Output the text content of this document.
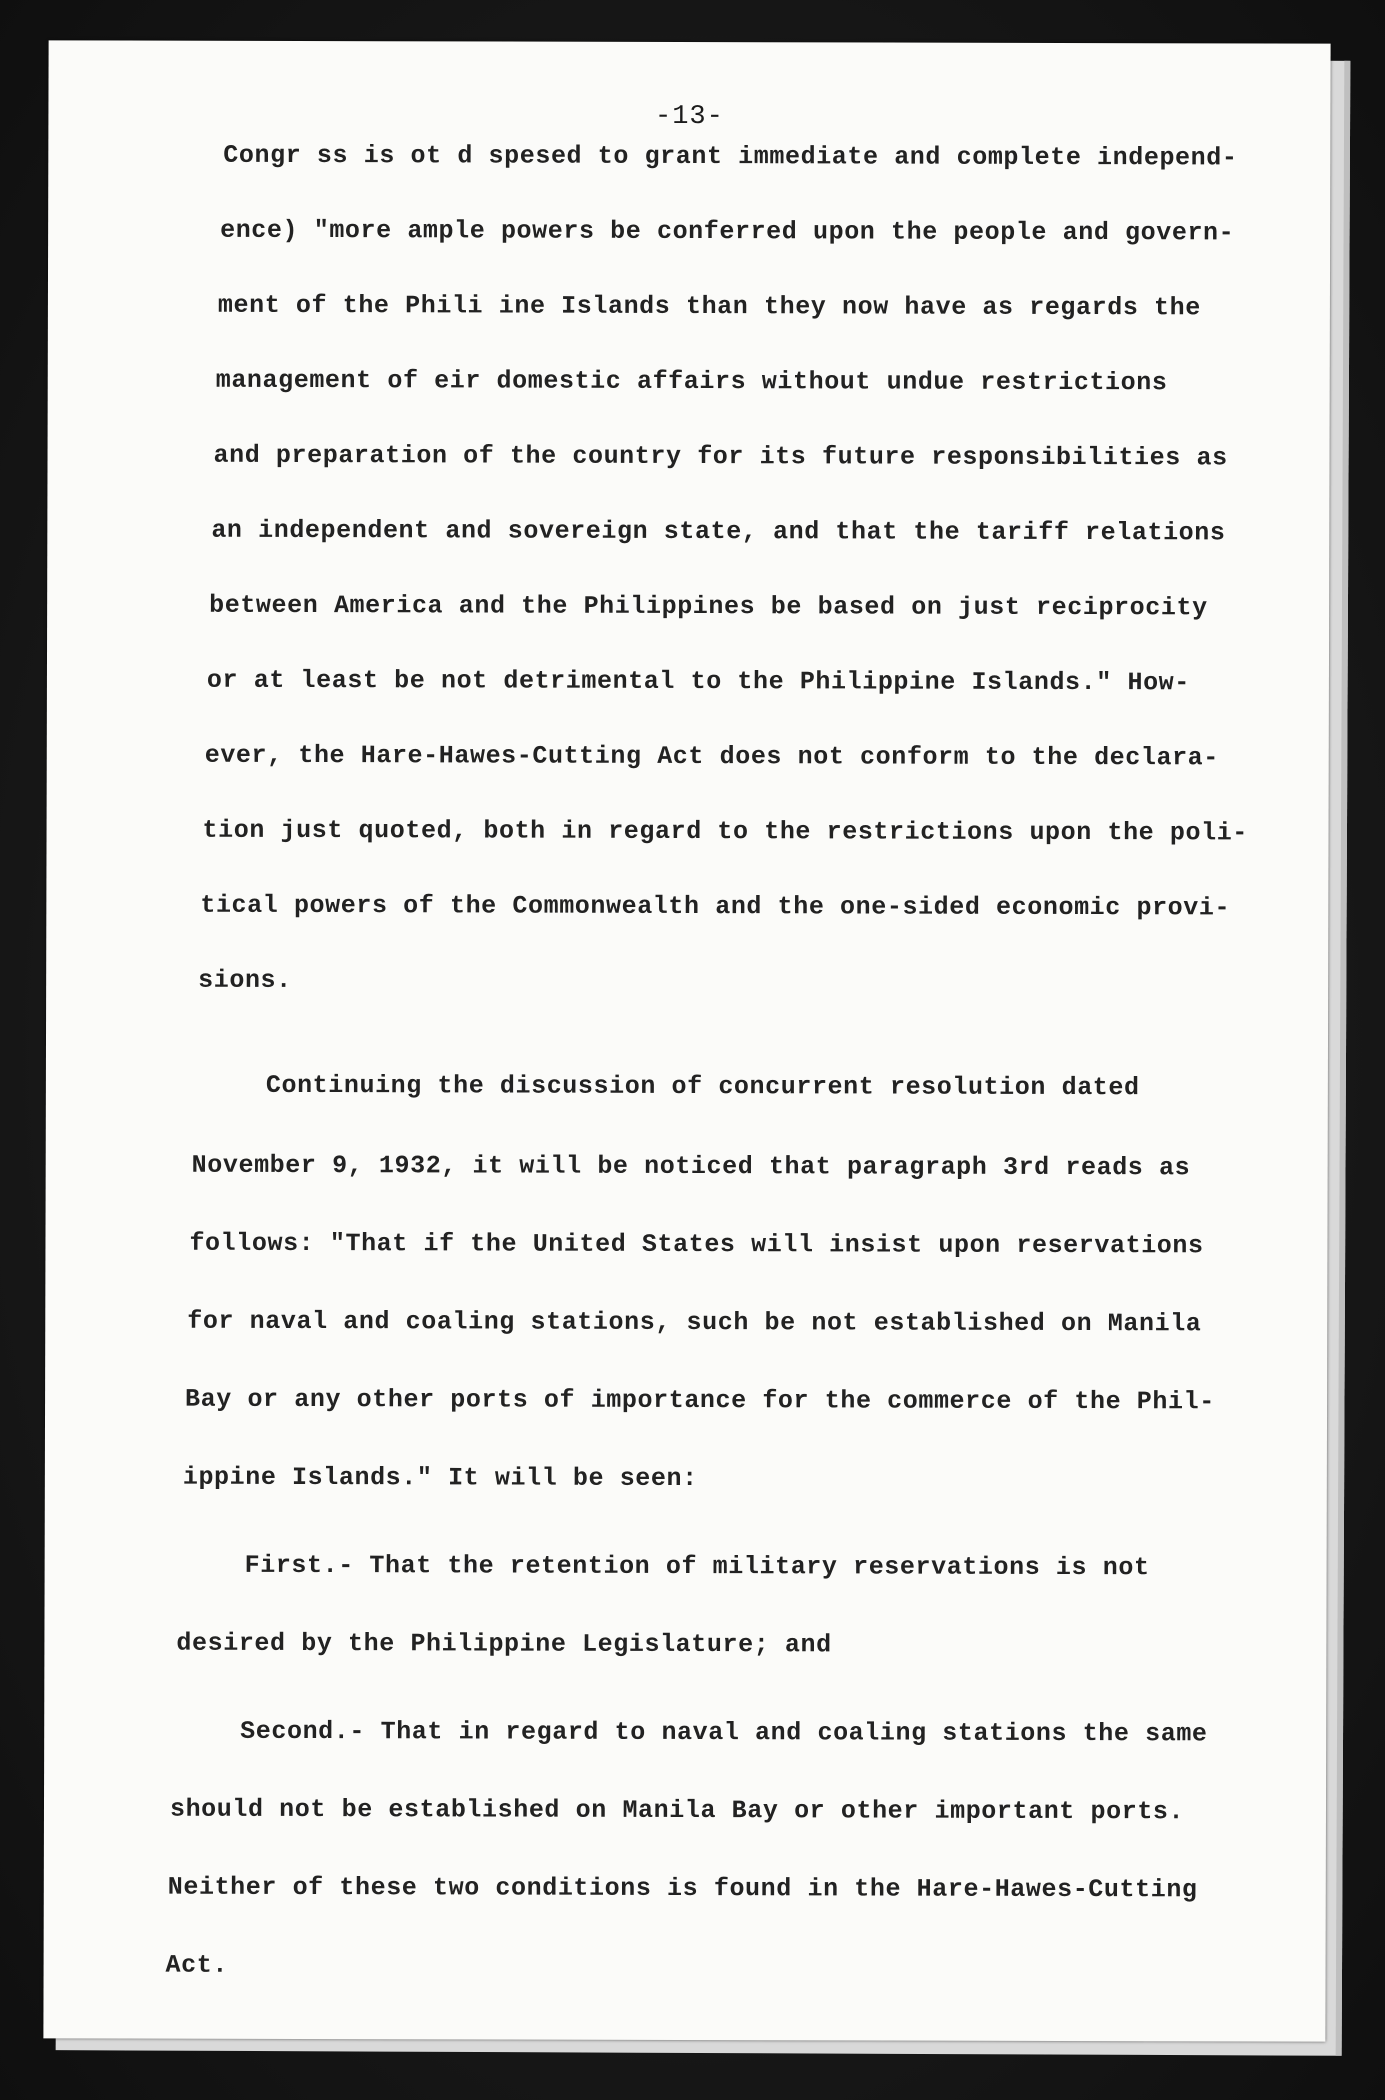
-13-
Congr ss is ot d spesed to grant immediate and complete independ-
ence) "more ample powers be conferred upon the people and govern-
ment of the Phili ine Islands than they now have as regards the
management of eir domestic affairs without undue restrictions
and preparation of the country for its future responsibilities as
an independent and sovereign state, and that the tariff relations
between America and the Philippines be based on just reciprocity
or at least be not detrimental to the Philippine Islands." How-
ever, the Hare-Hawes-Cutting Act does not conform to the declara-
tion just quoted, both in regard to the restrictions upon the poli-
tical powers of the Commonwealth and the one-sided economic provi-
sions.
Continuing the discussion of concurrent resolution dated
November 9, 1932, it will be noticed that paragraph 3rd reads as
follows: "That if the United States will insist upon reservations
for naval and coaling stations, such be not established on Manila
Bay or any other ports of importance for the commerce of the Phil-
ippine Islands." It will be seen:
First.- That the retention of military reservations is not
desired by the Philippine Legislature; and
Second.- That in regard to naval and coaling stations the same
should not be established on Manila Bay or other important ports.
Neither of these two conditions is found in the Hare-Hawes-Cutting
Act.
